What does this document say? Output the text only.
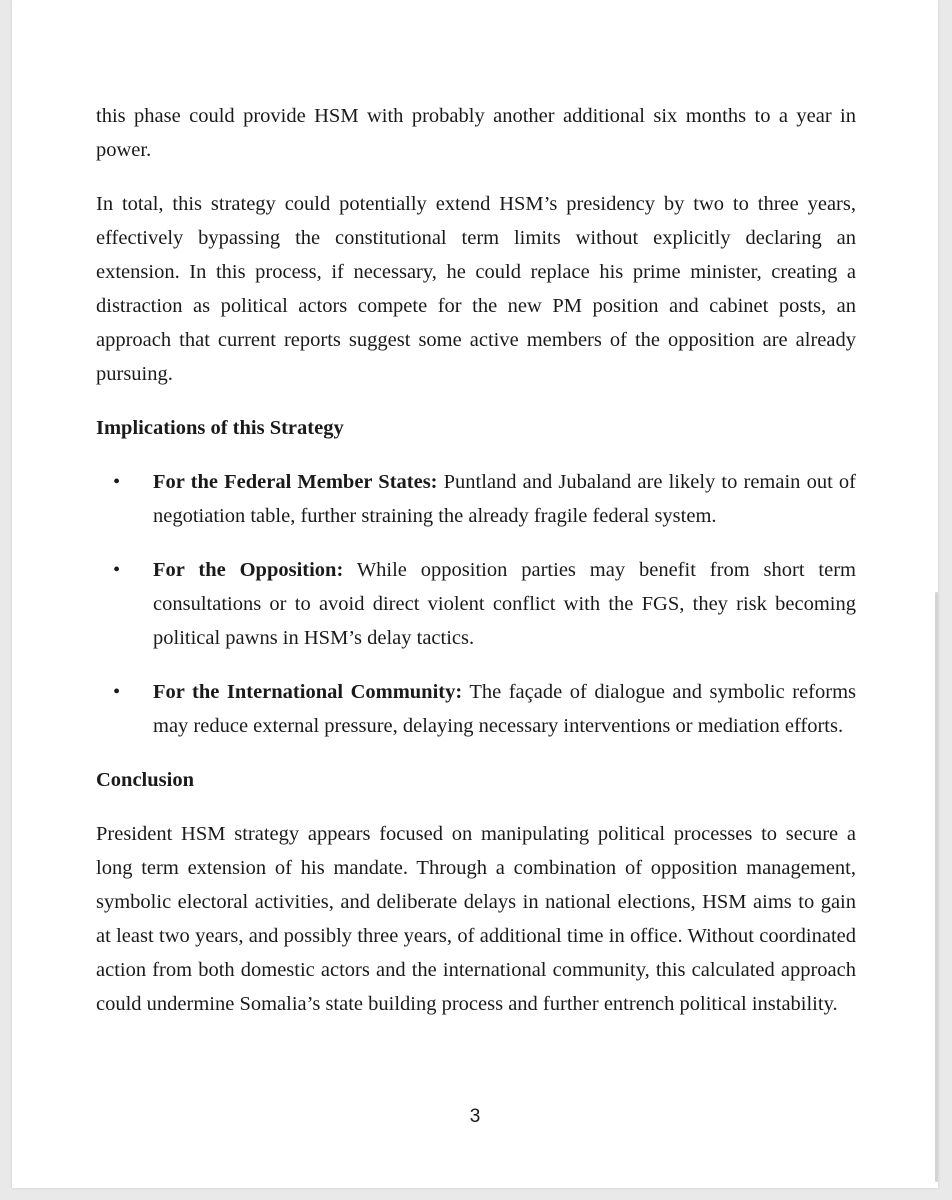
this phase could provide HSM with probably another additional six months to a year in power.

In total, this strategy could potentially extend HSM’s presidency by two to three years, effectively bypassing the constitutional term limits without explicitly declaring an extension. In this process, if necessary, he could replace his prime minister, creating a distraction as political actors compete for the new PM position and cabinet posts, an approach that current reports suggest some active members of the opposition are already pursuing.

Implications of this Strategy
• For the Federal Member States: Puntland and Jubaland are likely to remain out of negotiation table, further straining the already fragile federal system.
• For the Opposition: While opposition parties may benefit from short term consultations or to avoid direct violent conflict with the FGS, they risk becoming political pawns in HSM’s delay tactics.
• For the International Community: The façade of dialogue and symbolic reforms may reduce external pressure, delaying necessary interventions or mediation efforts.
Conclusion

President HSM strategy appears focused on manipulating political processes to secure a long term extension of his mandate. Through a combination of opposition management, symbolic electoral activities, and deliberate delays in national elections, HSM aims to gain at least two years, and possibly three years, of additional time in office. Without coordinated action from both domestic actors and the international community, this calculated approach could undermine Somalia’s state building process and further entrench political instability.

3
